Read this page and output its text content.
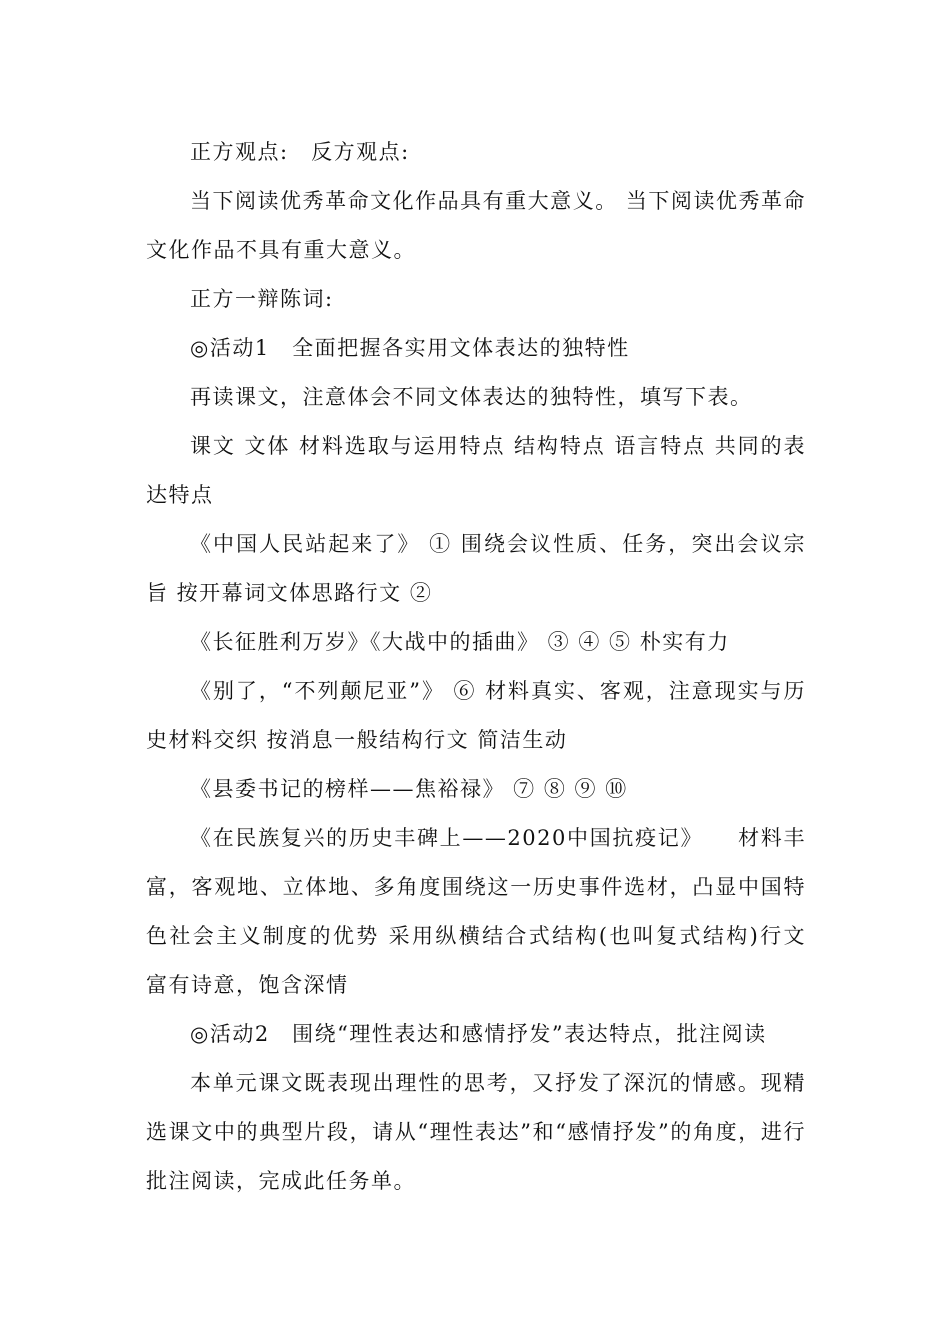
正方观点:　反方观点:

当下阅读优秀革命文化作品具有重大意义。 当下阅读优秀革命文化作品不具有重大意义。

正方一辩陈词:

◎活动1　全面把握各实用文体表达的独特性

再读课文，注意体会不同文体表达的独特性，填写下表。

课文 文体 材料选取与运用特点 结构特点 语言特点 共同的表达特点

《中国人民站起来了》 ① 围绕会议性质、任务，突出会议宗旨 按开幕词文体思路行文 ②

《长征胜利万岁》《大战中的插曲》 ③ ④ ⑤ 朴实有力

《别了，“不列颠尼亚”》 ⑥ 材料真实、客观，注意现实与历史材料交织 按消息一般结构行文 简洁生动

《县委书记的榜样——焦裕禄》 ⑦ ⑧ ⑨ ⑩

《在民族复兴的历史丰碑上——2020中国抗疫记》　　材料丰富，客观地、立体地、多角度围绕这一历史事件选材，凸显中国特色社会主义制度的优势 采用纵横结合式结构(也叫复式结构)行文 富有诗意，饱含深情

◎活动2　围绕“理性表达和感情抒发”表达特点，批注阅读

本单元课文既表现出理性的思考，又抒发了深沉的情感。现精选课文中的典型片段，请从“理性表达”和“感情抒发”的角度，进行批注阅读，完成此任务单。
